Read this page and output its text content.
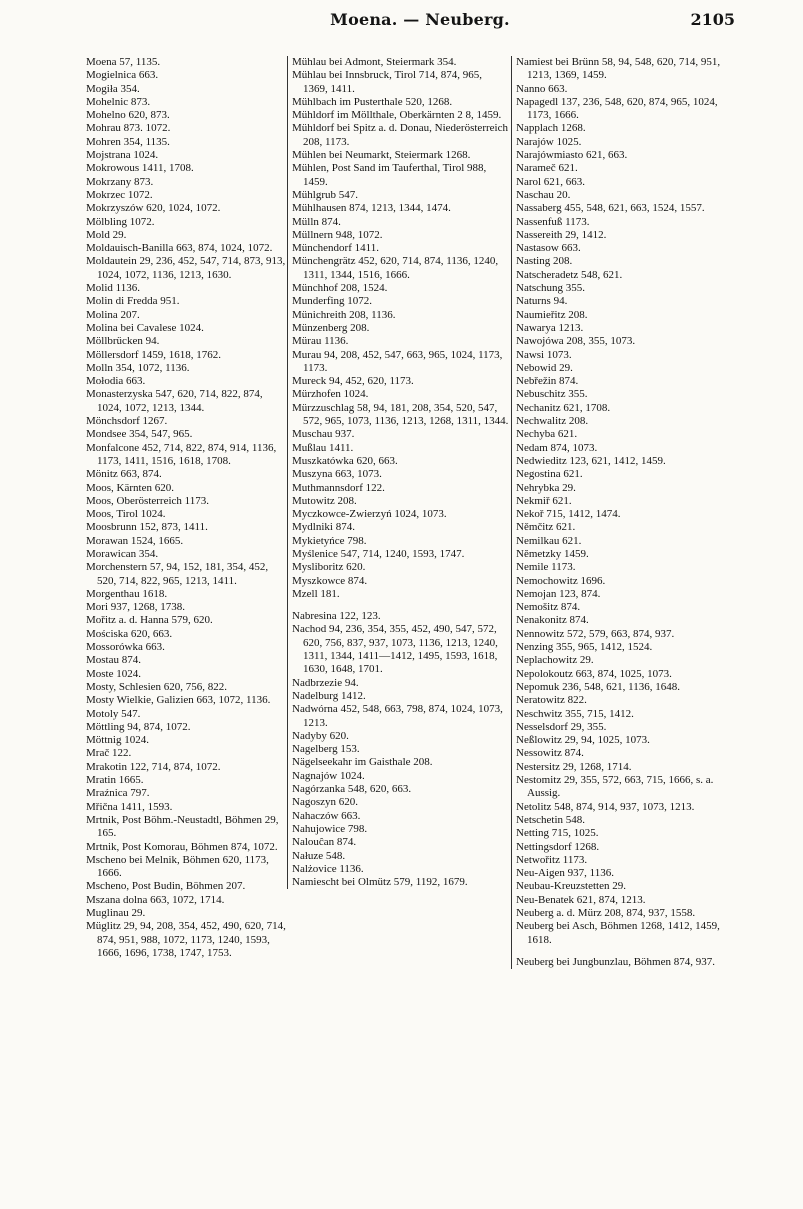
Moena. — Neuberg.	2105
Moena 57, 1135.
Mogielnica 663.
Mogiła 354.
Mohelnic 873.
Mohelno 620, 873.
Mohrau 873. 1072.
Mohren 354, 1135.
Mojstrana 1024.
Mokrowous 1411, 1708.
Mokrzany 873.
Mokrzec 1072.
Mokrzyszów 620, 1024, 1072.
Mölbling 1072.
Mold 29.
Moldauisch-Banilla 663, 874, 1024, 1072.
Moldautein 29, 236, 452, 547, 714, 873, 913, 1024, 1072, 1136, 1213, 1630.
Molid 1136.
Molin di Fredda 951.
Molina 207.
Molina bei Cavalese 1024.
Möllbrücken 94.
Möllersdorf 1459, 1618, 1762.
Molln 354, 1072, 1136.
Mołodia 663.
Monasterzyska 547, 620, 714, 822, 874, 1024, 1072, 1213, 1344.
Mönchsdorf 1267.
Mondsee 354, 547, 965.
Monfalcone 452, 714, 822, 874, 914, 1136, 1173, 1411, 1516, 1618, 1708.
Mönitz 663, 874.
Moos, Kärnten 620.
Moos, Oberösterreich 1173.
Moos, Tirol 1024.
Moosbrunn 152, 873, 1411.
Morawan 1524, 1665.
Morawican 354.
Morchenstern 57, 94, 152, 181, 354, 452, 520, 714, 822, 965, 1213, 1411.
Morgenthau 1618.
Mori 937, 1268, 1738.
Mořitz a. d. Hanna 579, 620.
Mościska 620, 663.
Mossorówka 663.
Mostau 874.
Moste 1024.
Mosty, Schlesien 620, 756, 822.
Mosty Wielkie, Galizien 663, 1072, 1136.
Motoly 547.
Möttling 94, 874, 1072.
Möttnig 1024.
Mrač 122.
Mrakotin 122, 714, 874, 1072.
Mratin 1665.
Mraźnica 797.
Mřična 1411, 1593.
Mrtnik, Post Böhm.-Neustadtl, Böhmen 29, 165.
Mrtnik, Post Komorau, Böhmen 874, 1072.
Mscheno bei Melnik, Böhmen 620, 1173, 1666.
Mscheno, Post Budin, Böhmen 207.
Mszana dolna 663, 1072, 1714.
Muglinau 29.
Müglitz 29, 94, 208, 354, 452, 490, 620, 714, 874, 951, 988, 1072, 1173, 1240, 1593, 1666, 1696, 1738, 1747, 1753.
Mühlau bei Admont, Steiermark 354.
Mühlau bei Innsbruck, Tirol 714, 874, 965, 1369, 1411.
Mühlbach im Pusterthale 520, 1268.
Mühldorf im Möllthale, Oberkärnten 2 8, 1459.
Mühldorf bei Spitz a. d. Donau, Niederösterreich 208, 1173.
Mühlen bei Neumarkt, Steiermark 1268.
Mühlen, Post Sand im Tauferthal, Tirol 988, 1459.
Mühlgrub 547.
Mühlhausen 874, 1213, 1344, 1474.
Mülln 874.
Müllnern 948, 1072.
Münchendorf 1411.
Münchengrätz 452, 620, 714, 874, 1136, 1240, 1311, 1344, 1516, 1666.
Münchhof 208, 1524.
Munderfing 1072.
Münichreith 208, 1136.
Münzenberg 208.
Mürau 1136.
Murau 94, 208, 452, 547, 663, 965, 1024, 1173, 1173.
Mureck 94, 452, 620, 1173.
Mürzhofen 1024.
Mürzzuschlag 58, 94, 181, 208, 354, 520, 547, 572, 965, 1073, 1136, 1213, 1268, 1311, 1344.
Muschau 937.
Mußlau 1411.
Muszkatówka 620, 663.
Muszyna 663, 1073.
Muthmannsdorf 122.
Mutowitz 208.
Myczkowce-Zwierzyń 1024, 1073.
Mydlniki 874.
Mykietyńce 798.
Myślenice 547, 714, 1240, 1593, 1747.
Mysliboritz 620.
Myszkowce 874.
Mzell 181.
Nabresina 122, 123.
Nachod 94, 236, 354, 355, 452, 490, 547, 572, 620, 756, 837, 937, 1073, 1136, 1213, 1240, 1311, 1344, 1411—1412, 1495, 1593, 1618, 1630, 1648, 1701.
Nadbrzezie 94.
Nadelburg 1412.
Nadwórna 452, 548, 663, 798, 874, 1024, 1073, 1213.
Nadyby 620.
Nagelberg 153.
Nägelseekahr im Gaisthale 208.
Nagnajów 1024.
Nagórzanka 548, 620, 663.
Nagoszyn 620.
Nahaczów 663.
Nahujowice 798.
Nalouĉan 874.
Nałuze 548.
Nalżovice 1136.
Namiescht bei Olmütz 579, 1192, 1679.
Namiest bei Brünn 58, 94, 548, 620, 714, 951, 1213, 1369, 1459.
Nanno 663.
Napagedl 137, 236, 548, 620, 874, 965, 1024, 1173, 1666.
Napplach 1268.
Narajów 1025.
Narajówmiasto 621, 663.
Narameč 621.
Narol 621, 663.
Naschau 20.
Nassaberg 455, 548, 621, 663, 1524, 1557.
Nassenfuß 1173.
Nassereith 29, 1412.
Nastasow 663.
Nasting 208.
Natscheradetz 548, 621.
Natschung 355.
Naturns 94.
Naumieřitz 208.
Nawarya 1213.
Nawojówa 208, 355, 1073.
Nawsi 1073.
Nebowid 29.
Nebřežin 874.
Nebuschitz 355.
Nechanitz 621, 1708.
Nechwalitz 208.
Nechyba 621.
Nedam 874, 1073.
Nedwieditz 123, 621, 1412, 1459.
Negostina 621.
Nehrybka 29.
Nekmiř 621.
Nekoř 715, 1412, 1474.
Němčitz 621.
Nemilkau 621.
Nĕmetzky 1459.
Nemile 1173.
Nemochowitz 1696.
Nemojan 123, 874.
Nemošitz 874.
Nenakonitz 874.
Nennowitz 572, 579, 663, 874, 937.
Nenzing 355, 965, 1412, 1524.
Neplachowitz 29.
Nepolokoutz 663, 874, 1025, 1073.
Nepomuk 236, 548, 621, 1136, 1648.
Neratowitz 822.
Neschwitz 355, 715, 1412.
Nesselsdorf 29, 355.
Neßlowitz 29, 94, 1025, 1073.
Nessowitz 874.
Nestersitz 29, 1268, 1714.
Nestomitz 29, 355, 572, 663, 715, 1666, s. a. Aussig.
Netolitz 548, 874, 914, 937, 1073, 1213.
Netschetin 548.
Netting 715, 1025.
Nettingsdorf 1268.
Netwořitz 1173.
Neu-Aigen 937, 1136.
Neubau-Kreuzstetten 29.
Neu-Benatek 621, 874, 1213.
Neuberg a. d. Mürz 208, 874, 937, 1558.
Neuberg bei Asch, Böhmen 1268, 1412, 1459, 1618.
Neuberg bei Jungbunzlau, Böhmen 874, 937.
